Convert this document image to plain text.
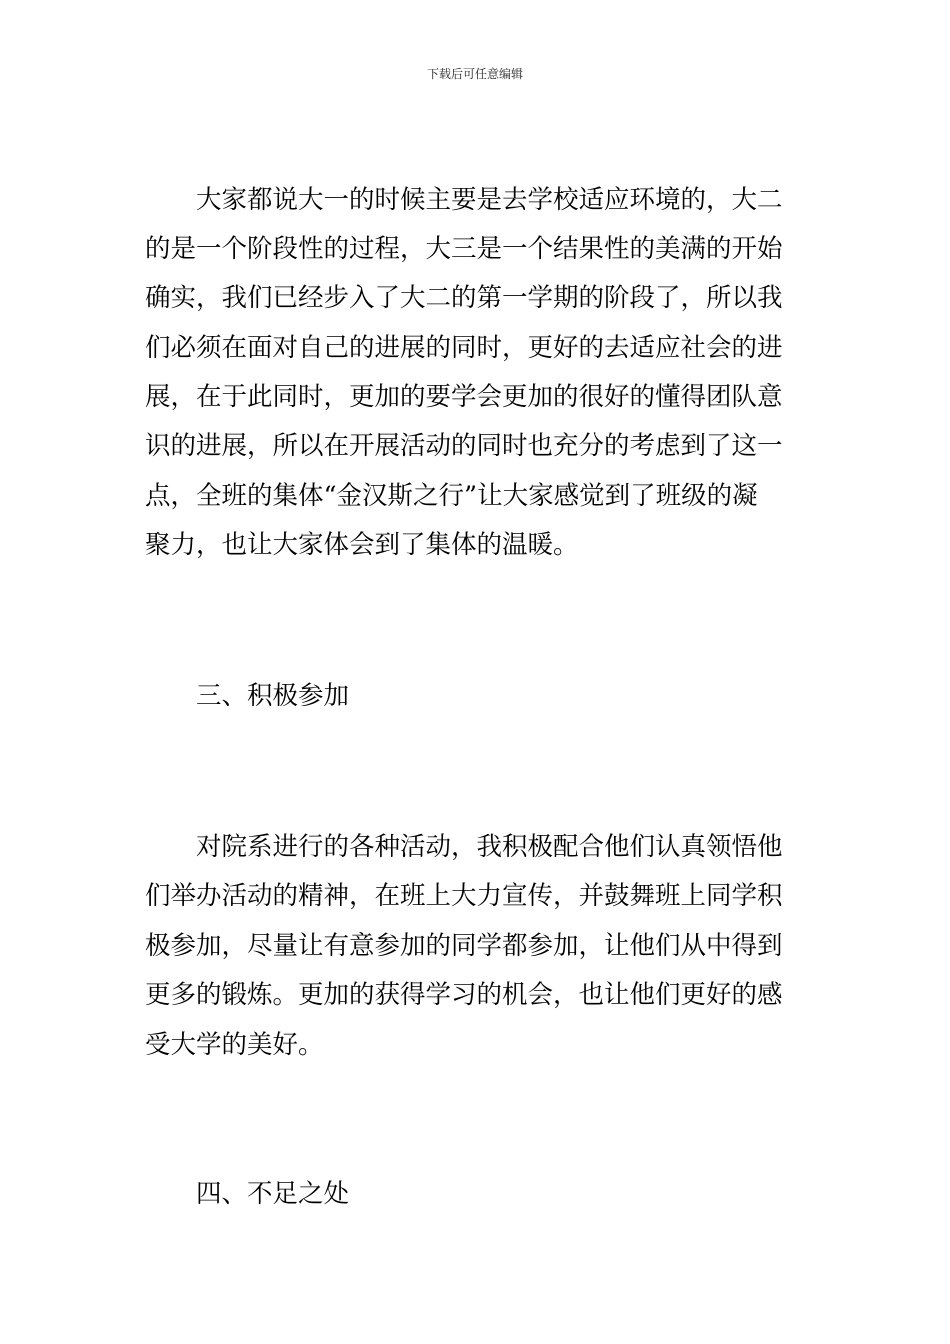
下载后可任意编辑
大家都说大一的时候主要是去学校适应环境的，大二
的是一个阶段性的过程，大三是一个结果性的美满的开始
确实，我们已经步入了大二的第一学期的阶段了，所以我
们必须在面对自己的进展的同时，更好的去适应社会的进
展，在于此同时，更加的要学会更加的很好的懂得团队意
识的进展，所以在开展活动的同时也充分的考虑到了这一
点，全班的集体“金汉斯之行”让大家感觉到了班级的凝
聚力，也让大家体会到了集体的温暖。
三、积极参加
对院系进行的各种活动，我积极配合他们认真领悟他
们举办活动的精神，在班上大力宣传，并鼓舞班上同学积
极参加，尽量让有意参加的同学都参加，让他们从中得到
更多的锻炼。更加的获得学习的机会，也让他们更好的感
受大学的美好。
四、不足之处
